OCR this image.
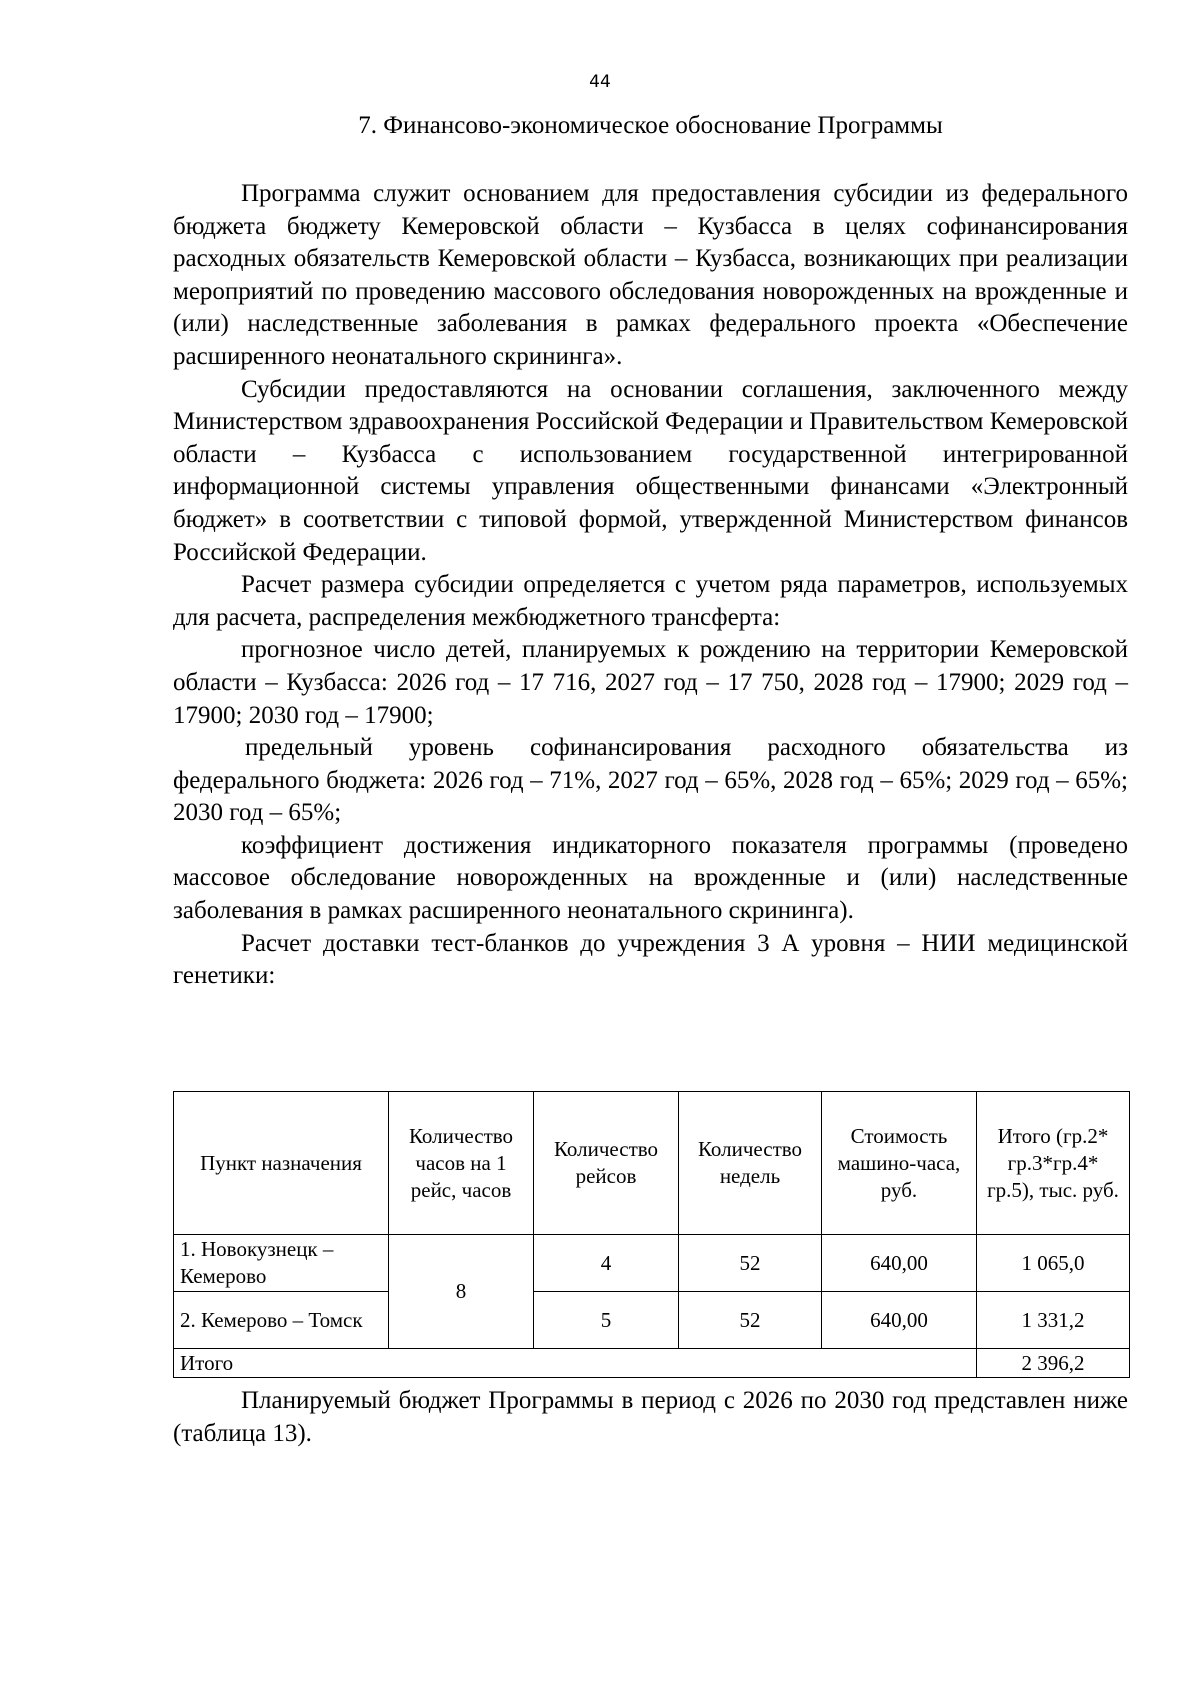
44
7. Финансово-экономическое обоснование Программы

Программа служит основанием для предоставления субсидии из федерального бюджета бюджету Кемеровской области – Кузбасса в целях софинансирования расходных обязательств Кемеровской области – Кузбасса, возникающих при реализации мероприятий по проведению массового обследования новорожденных на врожденные и (или) наследственные заболевания в рамках федерального проекта «Обеспечение расширенного неонатального скрининга».

Субсидии предоставляются на основании соглашения, заключенного между Министерством здравоохранения Российской Федерации и Правительством Кемеровской области – Кузбасса с использованием государственной интегрированной информационной системы управления общественными финансами «Электронный бюджет» в соответствии с типовой формой, утвержденной Министерством финансов Российской Федерации.

Расчет размера субсидии определяется с учетом ряда параметров, используемых для расчета, распределения межбюджетного трансферта:

прогнозное число детей, планируемых к рождению на территории Кемеровской области – Кузбасса: 2026 год – 17 716, 2027 год – 17 750, 2028 год – 17900; 2029 год – 17900; 2030 год – 17900;

предельный уровень софинансирования расходного обязательства из федерального бюджета: 2026 год – 71%, 2027 год – 65%, 2028 год – 65%; 2029 год – 65%; 2030 год – 65%;

коэффициент достижения индикаторного показателя программы (проведено массовое обследование новорожденных на врожденные и (или) наследственные заболевания в рамках расширенного неонатального скрининга).

Расчет доставки тест-бланков до учреждения 3 А уровня – НИИ медицинской генетики:

Пункт назначения	Количество часов на 1 рейс, часов	Количество рейсов	Количество недель	Стоимость машино-часа, руб.	Итого (гр.2* гр.3*гр.4* гр.5), тыс. руб.
1. Новокузнецк – Кемерово	8	4	52	640,00	1 065,0
2. Кемерово – Томск		5	52	640,00	1 331,2
Итого					2 396,2

Планируемый бюджет Программы в период с 2026 по 2030 год представлен ниже (таблица 13).
